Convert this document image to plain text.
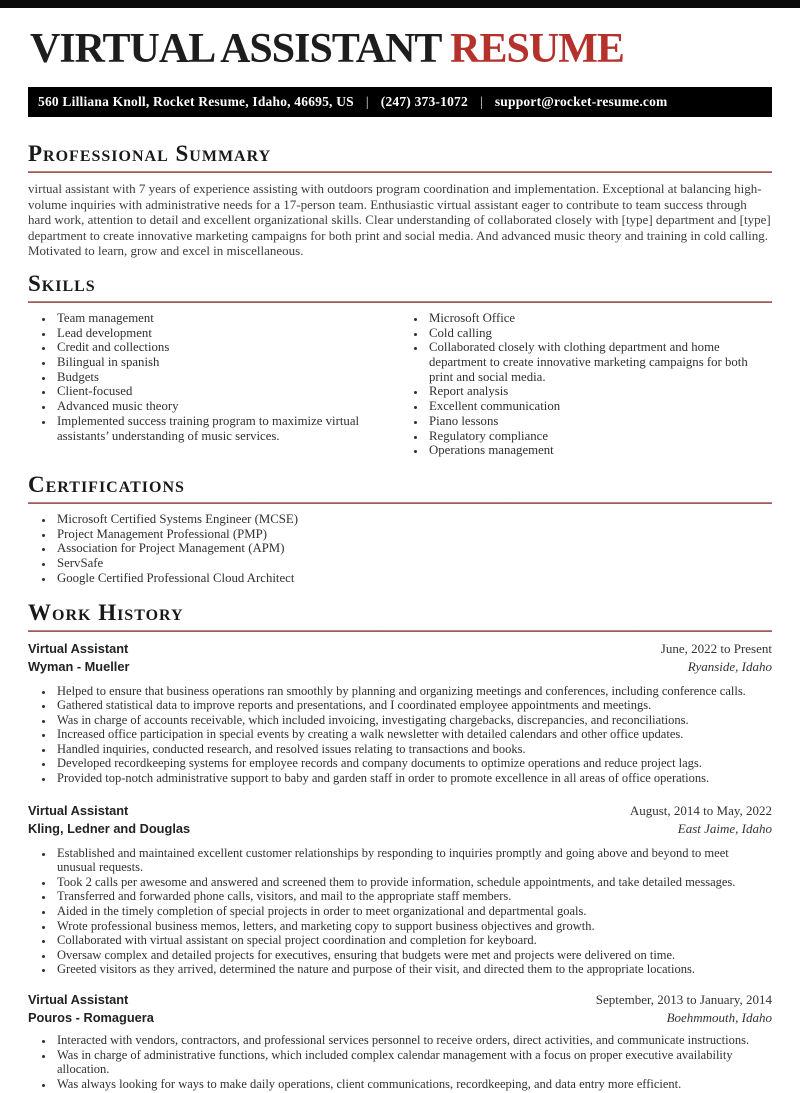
VIRTUAL ASSISTANT RESUME
560 Lilliana Knoll, Rocket Resume, Idaho, 46695, US | (247) 373-1072 | support@rocket-resume.com
Professional Summary

virtual assistant with 7 years of experience assisting with outdoors program coordination and implementation. Exceptional at balancing high-volume inquiries with administrative needs for a 17-person team. Enthusiastic virtual assistant eager to contribute to team success through hard work, attention to detail and excellent organizational skills. Clear understanding of collaborated closely with [type] department and [type] department to create innovative marketing campaigns for both print and social media. And advanced music theory and training in cold calling. Motivated to learn, grow and excel in miscellaneous.

Skills
• Team management
• Lead development
• Credit and collections
• Bilingual in spanish
• Budgets
• Client-focused
• Advanced music theory
• Implemented success training program to maximize virtual assistants’ understanding of music services.
• Microsoft Office
• Cold calling
• Collaborated closely with clothing department and home department to create innovative marketing campaigns for both print and social media.
• Report analysis
• Excellent communication
• Piano lessons
• Regulatory compliance
• Operations management
Certifications
• Microsoft Certified Systems Engineer (MCSE)
• Project Management Professional (PMP)
• Association for Project Management (APM)
• ServSafe
• Google Certified Professional Cloud Architect
Work History
Virtual Assistant	June, 2022 to Present
Wyman - Mueller	Ryanside, Idaho
• Helped to ensure that business operations ran smoothly by planning and organizing meetings and conferences, including conference calls.
• Gathered statistical data to improve reports and presentations, and I coordinated employee appointments and meetings.
• Was in charge of accounts receivable, which included invoicing, investigating chargebacks, discrepancies, and reconciliations.
• Increased office participation in special events by creating a walk newsletter with detailed calendars and other office updates.
• Handled inquiries, conducted research, and resolved issues relating to transactions and books.
• Developed recordkeeping systems for employee records and company documents to optimize operations and reduce project lags.
• Provided top-notch administrative support to baby and garden staff in order to promote excellence in all areas of office operations.
Virtual Assistant	August, 2014 to May, 2022
Kling, Ledner and Douglas	East Jaime, Idaho
• Established and maintained excellent customer relationships by responding to inquiries promptly and going above and beyond to meet unusual requests.
• Took 2 calls per awesome and answered and screened them to provide information, schedule appointments, and take detailed messages.
• Transferred and forwarded phone calls, visitors, and mail to the appropriate staff members.
• Aided in the timely completion of special projects in order to meet organizational and departmental goals.
• Wrote professional business memos, letters, and marketing copy to support business objectives and growth.
• Collaborated with virtual assistant on special project coordination and completion for keyboard.
• Oversaw complex and detailed projects for executives, ensuring that budgets were met and projects were delivered on time.
• Greeted visitors as they arrived, determined the nature and purpose of their visit, and directed them to the appropriate locations.
Virtual Assistant	September, 2013 to January, 2014
Pouros - Romaguera	Boehmmouth, Idaho
• Interacted with vendors, contractors, and professional services personnel to receive orders, direct activities, and communicate instructions.
• Was in charge of administrative functions, which included complex calendar management with a focus on proper executive availability allocation.
• Was always looking for ways to make daily operations, client communications, recordkeeping, and data entry more efficient.
